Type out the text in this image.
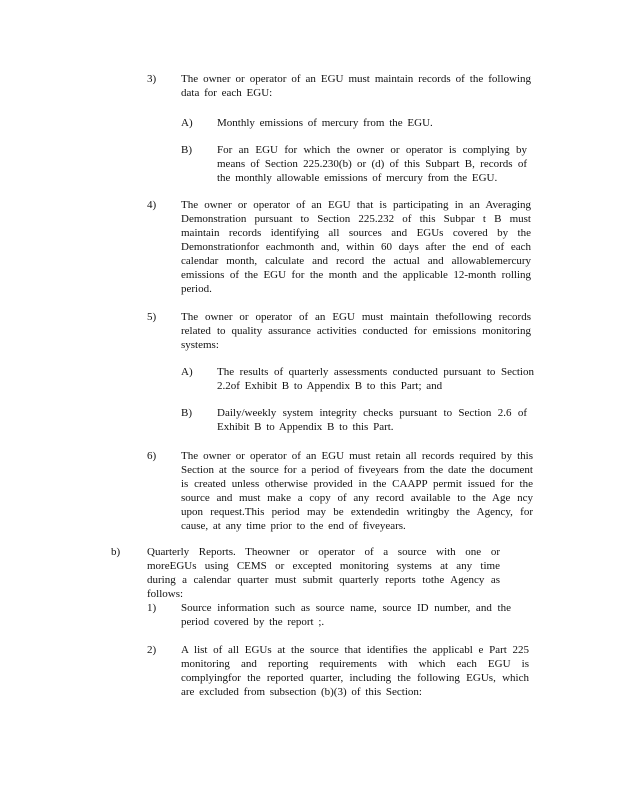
3) The owner or operator of an EGU must maintain records of the following data for each EGU:

A) Monthly emissions of mercury from the EGU.

B) For an EGU for which the owner or operator is complying by means of Section 225.230(b) or (d) of this Subpart B, records of the monthly allowable emissions of mercury from the EGU.

4) The owner or operator of an EGU that is participating in an Averaging Demonstration pursuant to Section 225.232 of this Subpar t B must maintain records identifying all sources and EGUs covered by the Demonstrationfor eachmonth and, within 60 days after the end of each calendar month, calculate and record the actual and allowablemercury emissions of the EGU for the month and the applicable 12-month rolling period.

5) The owner or operator of an EGU must maintain thefollowing records related to quality assurance activities conducted for emissions monitoring systems:

A) The results of quarterly assessments conducted pursuant to Section 2.2of Exhibit B to Appendix B to this Part; and

B) Daily/weekly system integrity checks pursuant to Section 2.6 of Exhibit B to Appendix B to this Part.

6) The owner or operator of an EGU must retain all records required by this Section at the source for a period of fiveyears from the date the document is created unless otherwise provided in the CAAPP permit issued for the source and must make a copy of any record available to the Age ncy upon request.This period may be extendedin writingby the Agency, for cause, at any time prior to the end of fiveyears.

b) Quarterly Reports. Theowner or operator of a source with one or moreEGUs using CEMS or excepted monitoring systems at any time during a calendar quarter must submit quarterly reports tothe Agency as follows:

1) Source information such as source name, source ID number, and the period covered by the report ;.

2) A list of all EGUs at the source that identifies the applicabl e Part 225 monitoring and reporting requirements with which each EGU is complyingfor the reported quarter, including the following EGUs, which are excluded from subsection (b)(3) of this Section:
